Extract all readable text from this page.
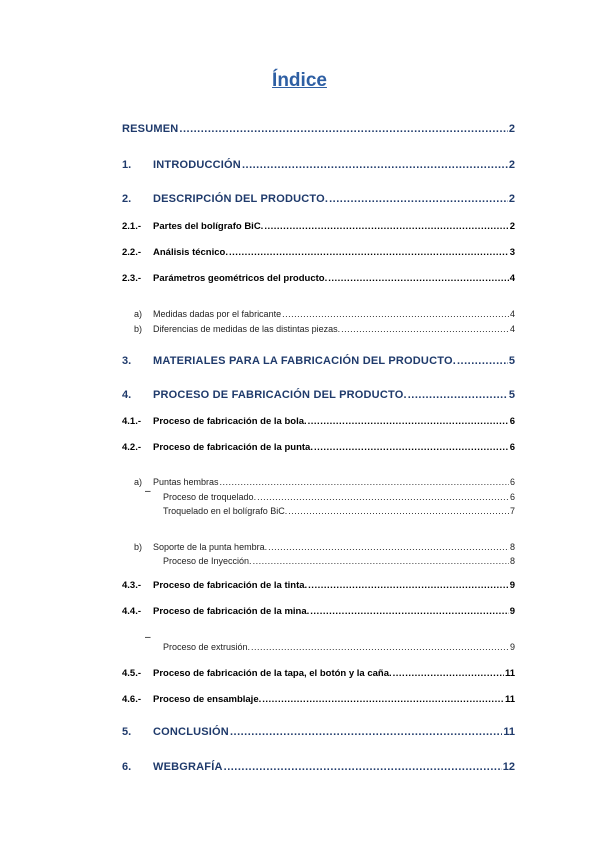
Índice
RESUMEN .....	2
1.	INTRODUCCIÓN .....	2
2.	DESCRIPCIÓN DEL PRODUCTO. .....	2
2.1.-	Partes del bolígrafo BiC. .....	2
2.2.-	Análisis técnico. .....	3
2.3.-	Parámetros geométricos del producto. .....	4
a)	Medidas dadas por el fabricante .....	4
b)	Diferencias de medidas de las distintas piezas. .....	4
3.	MATERIALES PARA LA FABRICACIÓN DEL PRODUCTO. .....	5
4.	PROCESO DE FABRICACIÓN DEL PRODUCTO. .....	5
4.1.-	Proceso de fabricación de la bola. .....	6
4.2.-	Proceso de fabricación de la punta. .....	6
a)	Puntas hembras .....	6
– Proceso de troquelado. .....	6
Troquelado en el bolígrafo BiC. .....	7
b)	Soporte de la punta hembra. .....	8
Proceso de Inyección. .....	8
4.3.-	Proceso de fabricación de la tinta. .....	9
4.4.-	Proceso de fabricación de la mina. .....	9
–
Proceso de extrusión. .....	9
4.5.-	Proceso de fabricación de la tapa, el botón y la caña. .....	11
4.6.-	Proceso de ensamblaje. .....	11
5.	CONCLUSIÓN .....	11
6.	WEBGRAFÍA .....	12
